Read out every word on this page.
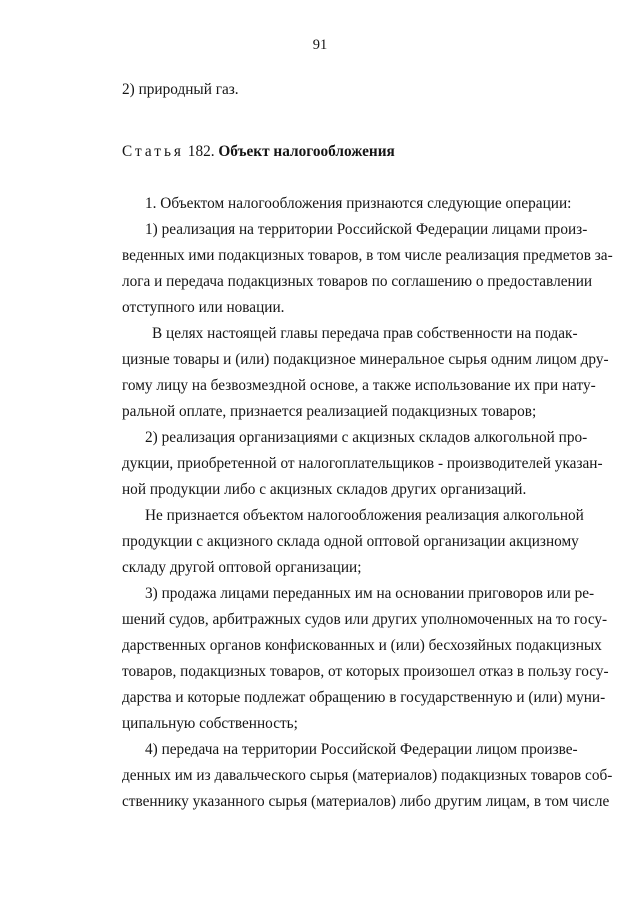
91

2) природный газ.

Статья 182. Объект налогообложения

1. Объектом налогообложения признаются следующие операции:

1) реализация на территории Российской Федерации лицами произ-

веденных ими подакцизных товаров, в том числе реализация предметов за-

лога и передача подакцизных товаров по соглашению о предоставлении

отступного или новации.

В целях настоящей главы передача прав собственности на подак-

цизные товары и (или) подакцизное минеральное сырья одним лицом дру-

гому лицу на безвозмездной основе, а также использование их при нату-

ральной оплате, признается реализацией подакцизных товаров;

2) реализация организациями с акцизных складов алкогольной про-

дукции, приобретенной от налогоплательщиков - производителей указан-

ной продукции либо с акцизных складов других организаций.

Не признается объектом налогообложения реализация алкогольной

продукции с акцизного склада одной оптовой организации акцизному

складу другой оптовой организации;

3) продажа лицами переданных им на основании приговоров или ре-

шений судов, арбитражных судов или других уполномоченных на то госу-

дарственных органов конфискованных и (или) бесхозяйных подакцизных

товаров, подакцизных товаров, от которых произошел отказ в пользу госу-

дарства и которые подлежат обращению в государственную и (или) муни-

ципальную собственность;

4) передача на территории Российской Федерации лицом произве-

денных им из давальческого сырья (материалов) подакцизных товаров соб-

ственнику указанного сырья (материалов) либо другим лицам, в том числе
